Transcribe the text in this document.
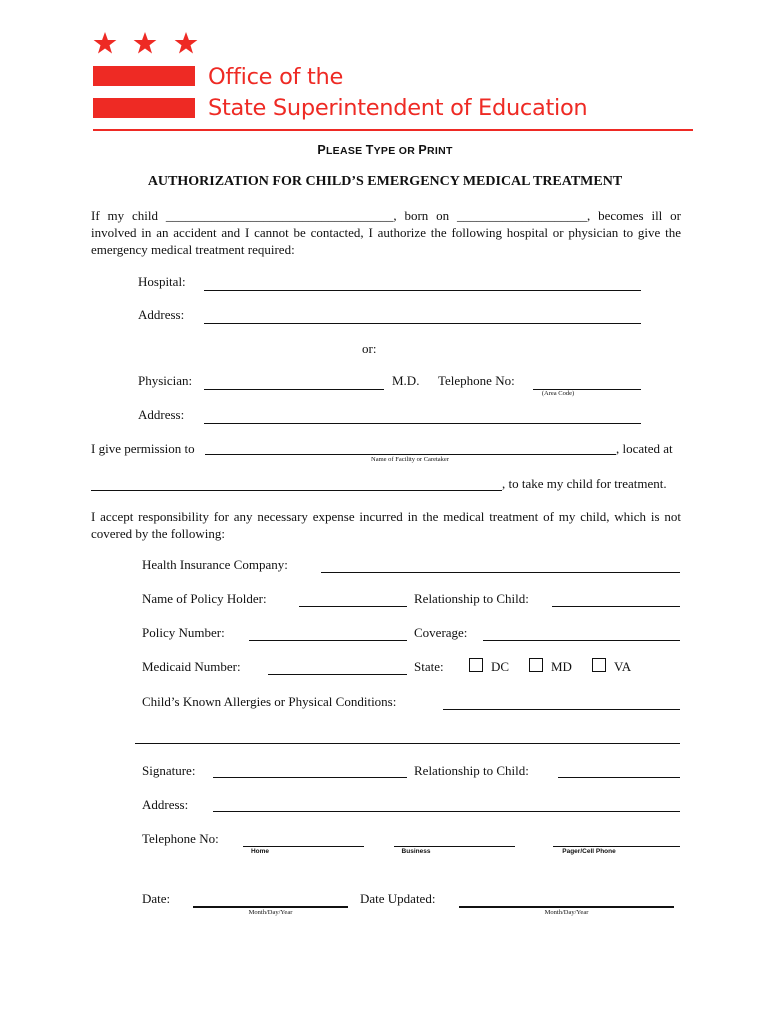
Office of the
State Superintendent of Education
PLEASE TYPE OR PRINT
AUTHORIZATION FOR CHILD’S EMERGENCY MEDICAL TREATMENT
If my child ___________________________________, born on ____________________, becomes ill or involved in an accident and I cannot be contacted, I authorize the following hospital or physician to give the emergency medical treatment required:
Hospital:
Address:
or:
Physician:	M.D. Telephone No:
(Area Code)
Address:
I give permission to	, located at
Name of Facility or Caretaker
, to take my child for treatment.
I accept responsibility for any necessary expense incurred in the medical treatment of my child, which is not covered by the following:
Health Insurance Company:
Name of Policy Holder:	Relationship to Child:
Policy Number:	Coverage:
Medicaid Number:	State:	DC	MD	VA
Child’s Known Allergies or Physical Conditions:
Signature:	Relationship to Child:
Address:
Telephone No:
Home	Business	Pager/Cell Phone
Date:
Month/Day/Year
Date Updated:
Month/Day/Year
